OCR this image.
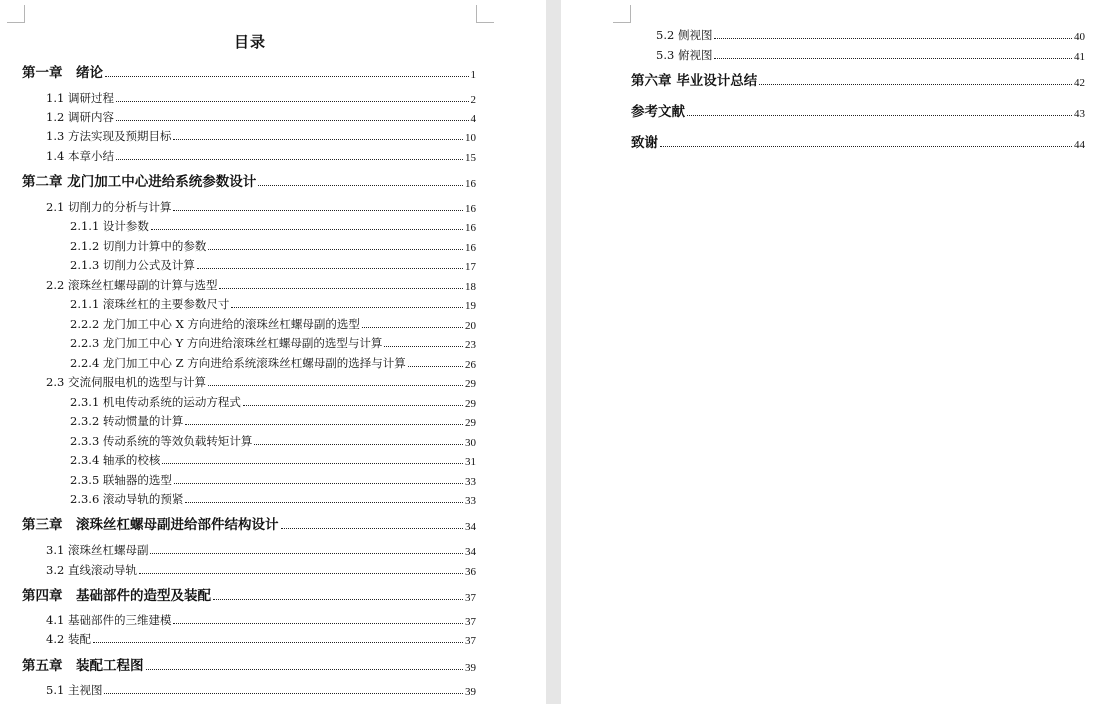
目录
第一章　绪论	1
1.1 调研过程	2
1.2 调研内容	4
1.3 方法实现及预期目标	10
1.4 本章小结	15
第二章 龙门加工中心进给系统参数设计	16
2.1 切削力的分析与计算	16
2.1.1 设计参数	16
2.1.2 切削力计算中的参数	16
2.1.3 切削力公式及计算	17
2.2 滚珠丝杠螺母副的计算与选型	18
2.1.1 滚珠丝杠的主要参数尺寸	19
2.2.2 龙门加工中心 X 方向进给的滚珠丝杠螺母副的选型	20
2.2.3 龙门加工中心 Y 方向进给滚珠丝杠螺母副的选型与计算	23
2.2.4 龙门加工中心 Z 方向进给系统滚珠丝杠螺母副的选择与计算	26
2.3 交流伺服电机的选型与计算	29
2.3.1 机电传动系统的运动方程式	29
2.3.2 转动惯量的计算	29
2.3.3 传动系统的等效负载转矩计算	30
2.3.4 轴承的校核	31
2.3.5 联轴器的选型	33
2.3.6 滚动导轨的预紧	33
第三章　滚珠丝杠螺母副进给部件结构设计	34
3.1 滚珠丝杠螺母副	34
3.2 直线滚动导轨	36
第四章　基础部件的造型及装配	37
4.1 基础部件的三维建模	37
4.2 装配	37
第五章　装配工程图	39
5.1 主视图	39
5.2 侧视图	40
5.3 俯视图	41
第六章 毕业设计总结	42
参考文献	43
致谢	44
